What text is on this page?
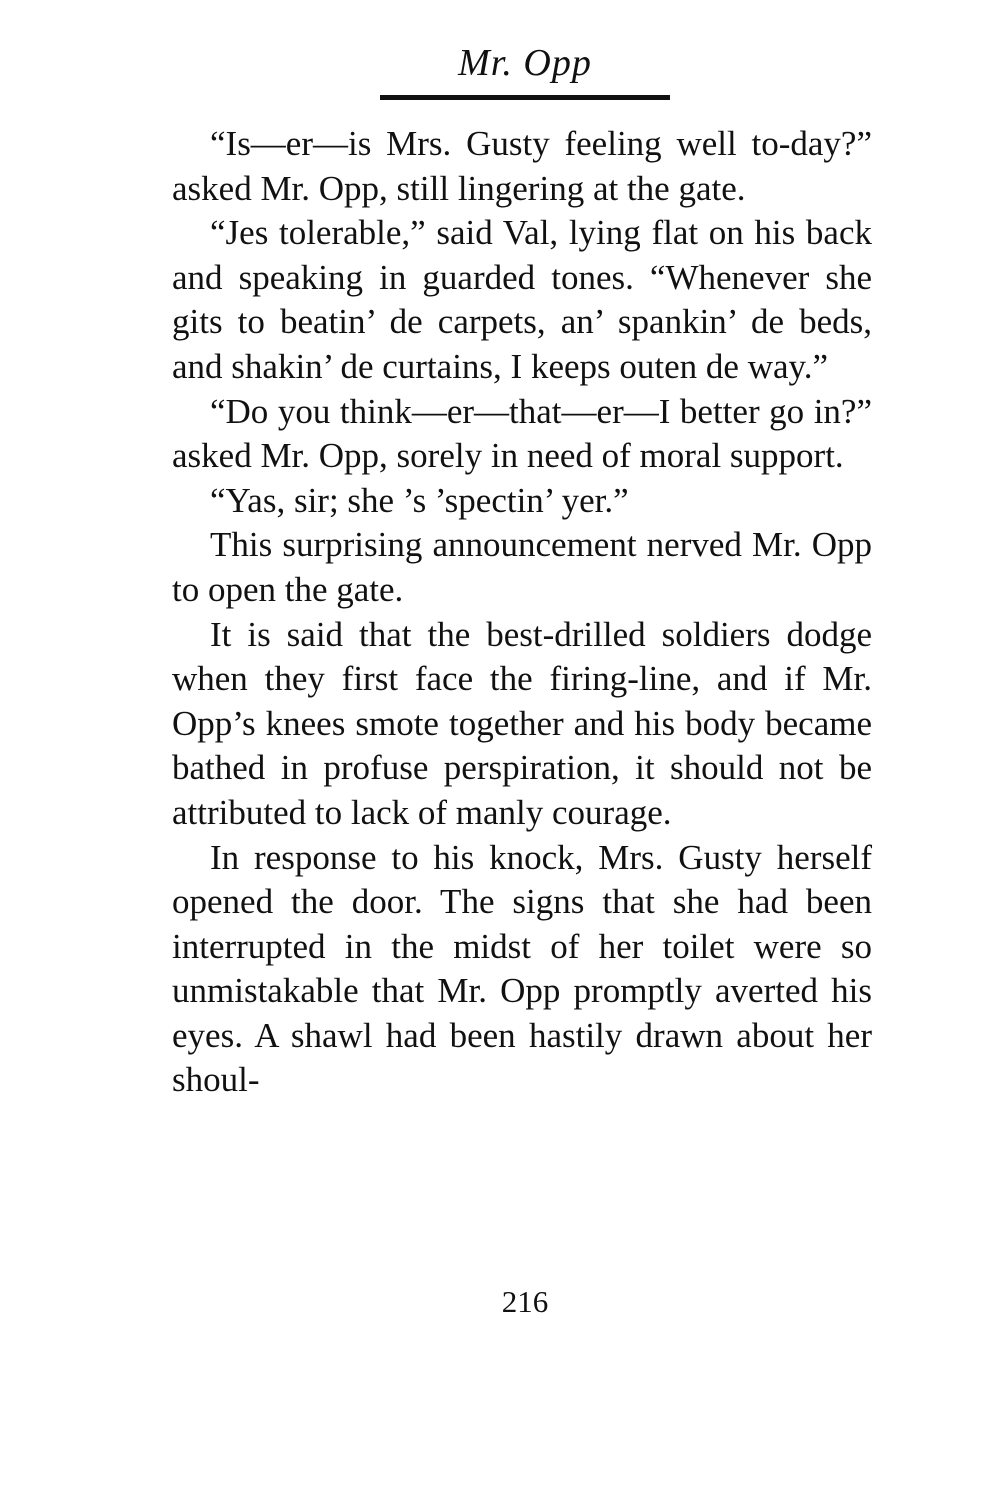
Mr. Opp

“Is—er—is Mrs. Gusty feeling well to-day?” asked Mr. Opp, still lingering at the gate.

“Jes tolerable,” said Val, lying flat on his back and speaking in guarded tones. “Whenever she gits to beatin’ de carpets, an’ spankin’ de beds, and shakin’ de curtains, I keeps outen de way.”

“Do you think—er—that—er—I better go in?” asked Mr. Opp, sorely in need of moral support.

“Yas, sir; she ’s ’spectin’ yer.”

This surprising announcement nerved Mr. Opp to open the gate.

It is said that the best-drilled soldiers dodge when they first face the firing-line, and if Mr. Opp’s knees smote together and his body became bathed in profuse perspiration, it should not be attributed to lack of manly courage.

In response to his knock, Mrs. Gusty herself opened the door. The signs that she had been interrupted in the midst of her toilet were so unmistakable that Mr. Opp promptly averted his eyes. A shawl had been hastily drawn about her shoul-

216
